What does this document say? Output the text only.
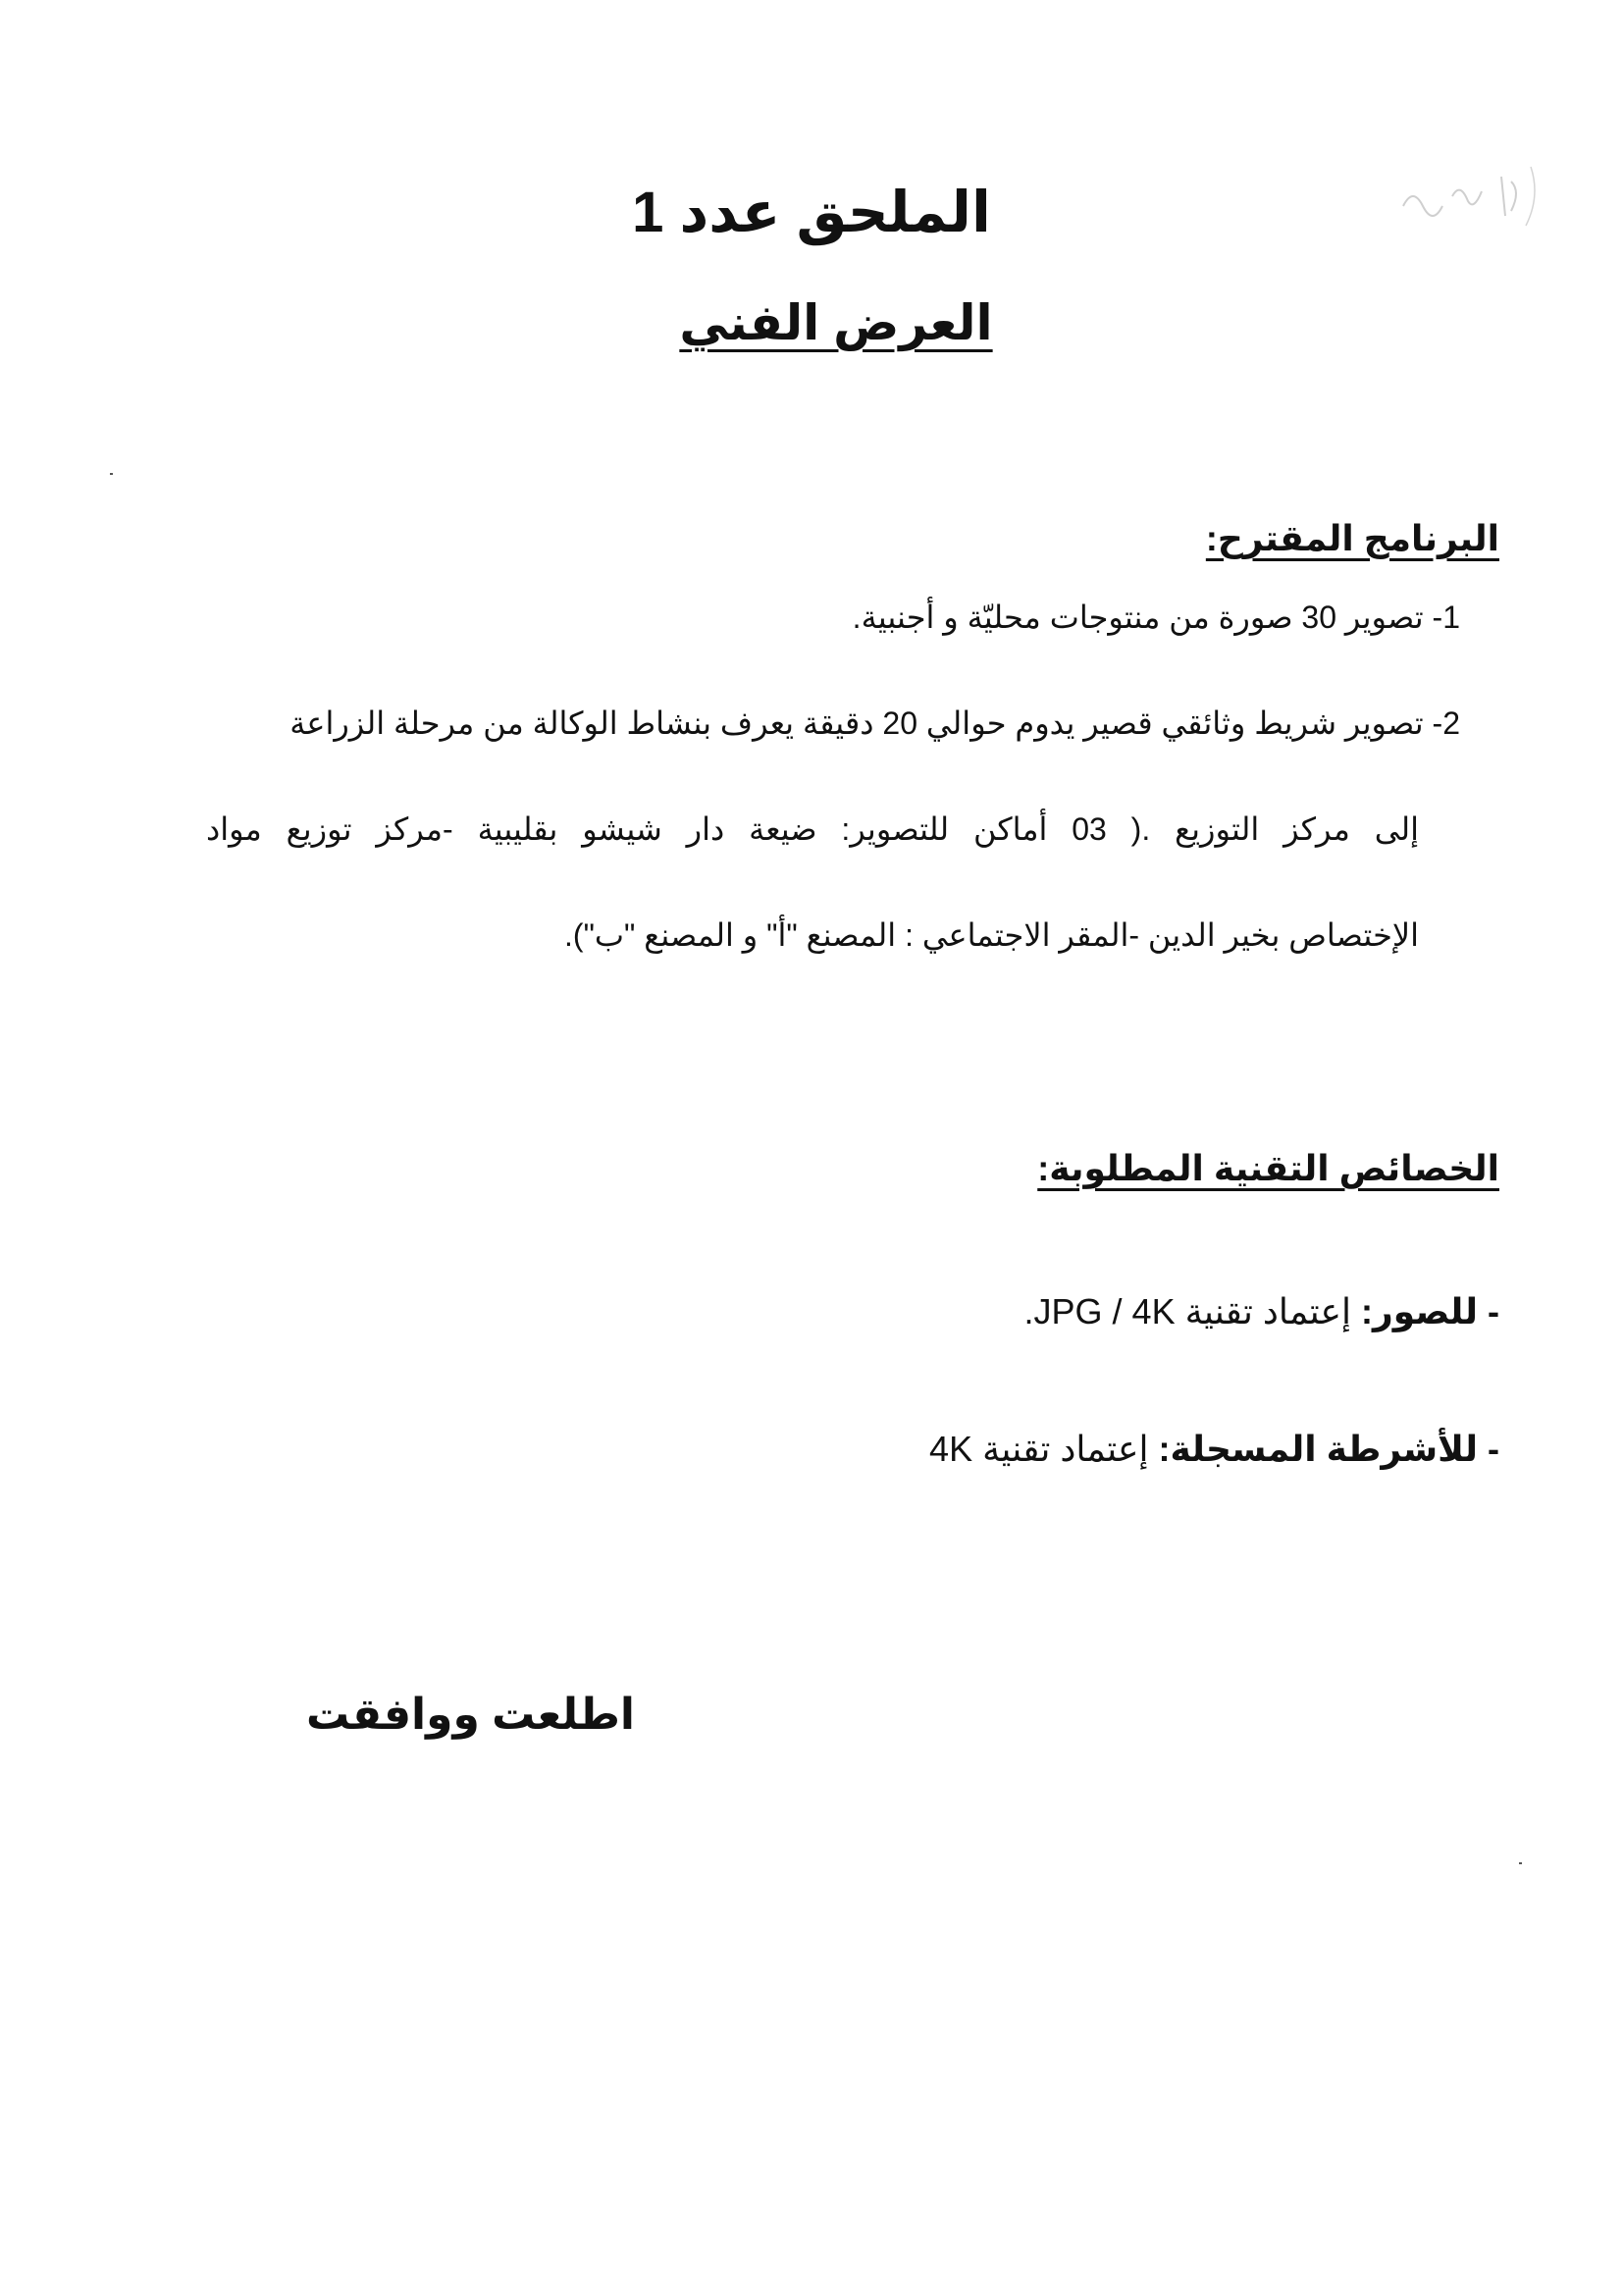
الملحق عدد 1
العرض الفني
البرنامج المقترح:
1- تصوير 30 صورة من منتوجات محليّة و أجنبية.
2- تصوير شريط وثائقي قصير يدوم حوالي 20 دقيقة يعرف بنشاط الوكالة من مرحلة الزراعة
إلى مركز التوزيع .( 03 أماكن للتصوير: ضيعة دار شيشو بقليبية -مركز توزيع مواد
الإختصاص بخير الدين -المقر الاجتماعي : المصنع "أ" و المصنع "ب").
الخصائص التقنية المطلوبة:
- للصور: إعتماد تقنية JPG / 4K.
- للأشرطة المسجلة: إعتماد تقنية 4K
اطلعت ووافقت
